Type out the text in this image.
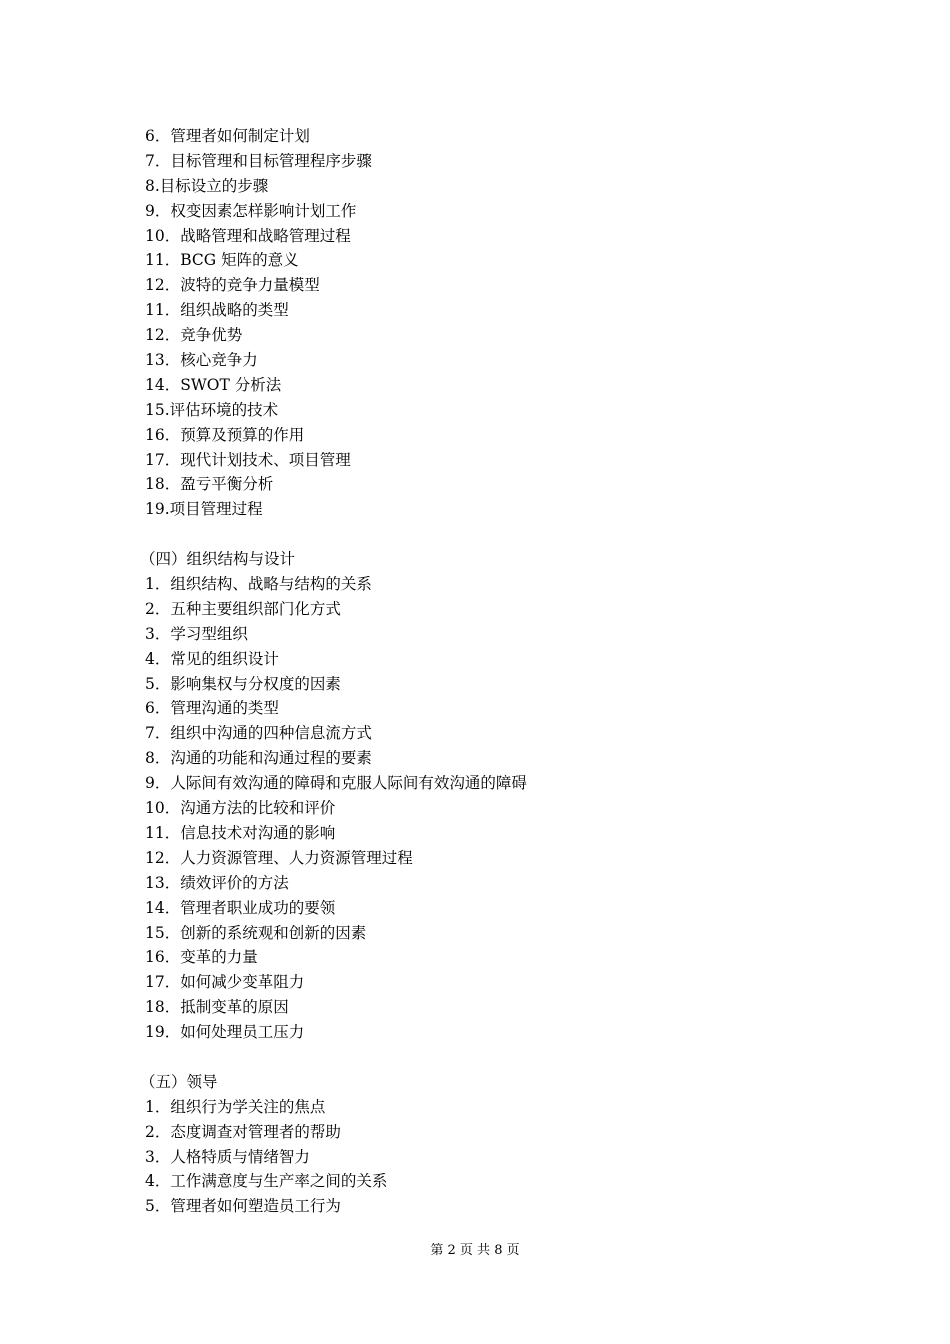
6．管理者如何制定计划
7．目标管理和目标管理程序步骤
8.目标设立的步骤
9．权变因素怎样影响计划工作
10．战略管理和战略管理过程
11．BCG 矩阵的意义
12．波特的竞争力量模型
11．组织战略的类型
12．竞争优势
13．核心竞争力
14．SWOT 分析法
15.评估环境的技术
16．预算及预算的作用
17．现代计划技术、项目管理
18．盈亏平衡分析
19.项目管理过程
（四）组织结构与设计
1．组织结构、战略与结构的关系
2．五种主要组织部门化方式
3．学习型组织
4．常见的组织设计
5．影响集权与分权度的因素
6．管理沟通的类型
7．组织中沟通的四种信息流方式
8．沟通的功能和沟通过程的要素
9．人际间有效沟通的障碍和克服人际间有效沟通的障碍
10．沟通方法的比较和评价
11．信息技术对沟通的影响
12．人力资源管理、人力资源管理过程
13．绩效评价的方法
14．管理者职业成功的要领
15．创新的系统观和创新的因素
16．变革的力量
17．如何减少变革阻力
18．抵制变革的原因
19．如何处理员工压力
（五）领导
1．组织行为学关注的焦点
2．态度调查对管理者的帮助
3．人格特质与情绪智力
4．工作满意度与生产率之间的关系
5．管理者如何塑造员工行为
第 2 页 共 8 页
